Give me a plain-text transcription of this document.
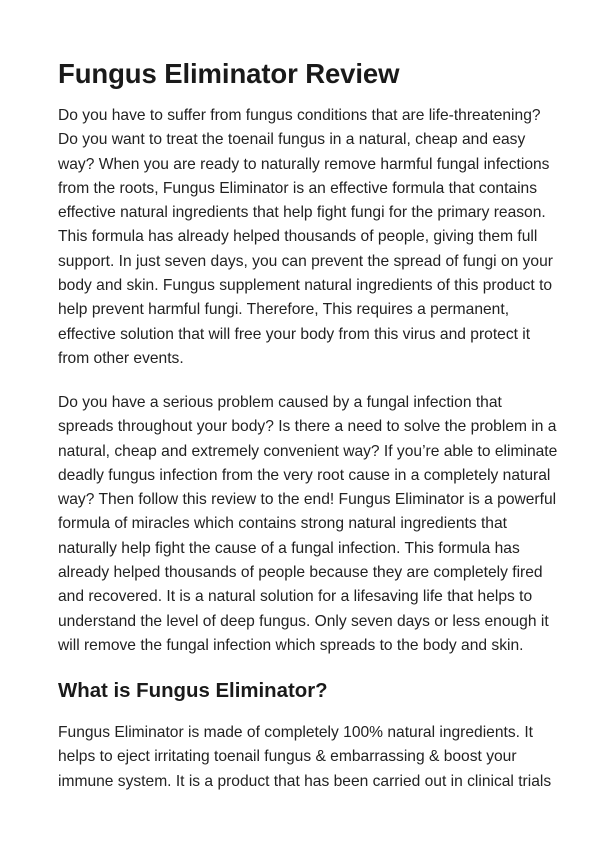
Fungus Eliminator Review

Do you have to suffer from fungus conditions that are life-threatening?
Do you want to treat the toenail fungus in a natural, cheap and easy
way? When you are ready to naturally remove harmful fungal infections
from the roots, Fungus Eliminator is an effective formula that contains
effective natural ingredients that help fight fungi for the primary reason.
This formula has already helped thousands of people, giving them full
support. In just seven days, you can prevent the spread of fungi on your
body and skin. Fungus supplement natural ingredients of this product to
help prevent harmful fungi. Therefore, This requires a permanent,
effective solution that will free your body from this virus and protect it
from other events.

Do you have a serious problem caused by a fungal infection that
spreads throughout your body? Is there a need to solve the problem in a
natural, cheap and extremely convenient way? If you’re able to eliminate
deadly fungus infection from the very root cause in a completely natural
way? Then follow this review to the end! Fungus Eliminator is a powerful
formula of miracles which contains strong natural ingredients that
naturally help fight the cause of a fungal infection. This formula has
already helped thousands of people because they are completely fired
and recovered. It is a natural solution for a lifesaving life that helps to
understand the level of deep fungus. Only seven days or less enough it
will remove the fungal infection which spreads to the body and skin.

What is Fungus Eliminator?

Fungus Eliminator is made of completely 100% natural ingredients. It
helps to eject irritating toenail fungus & embarrassing & boost your
immune system. It is a product that has been carried out in clinical trials
